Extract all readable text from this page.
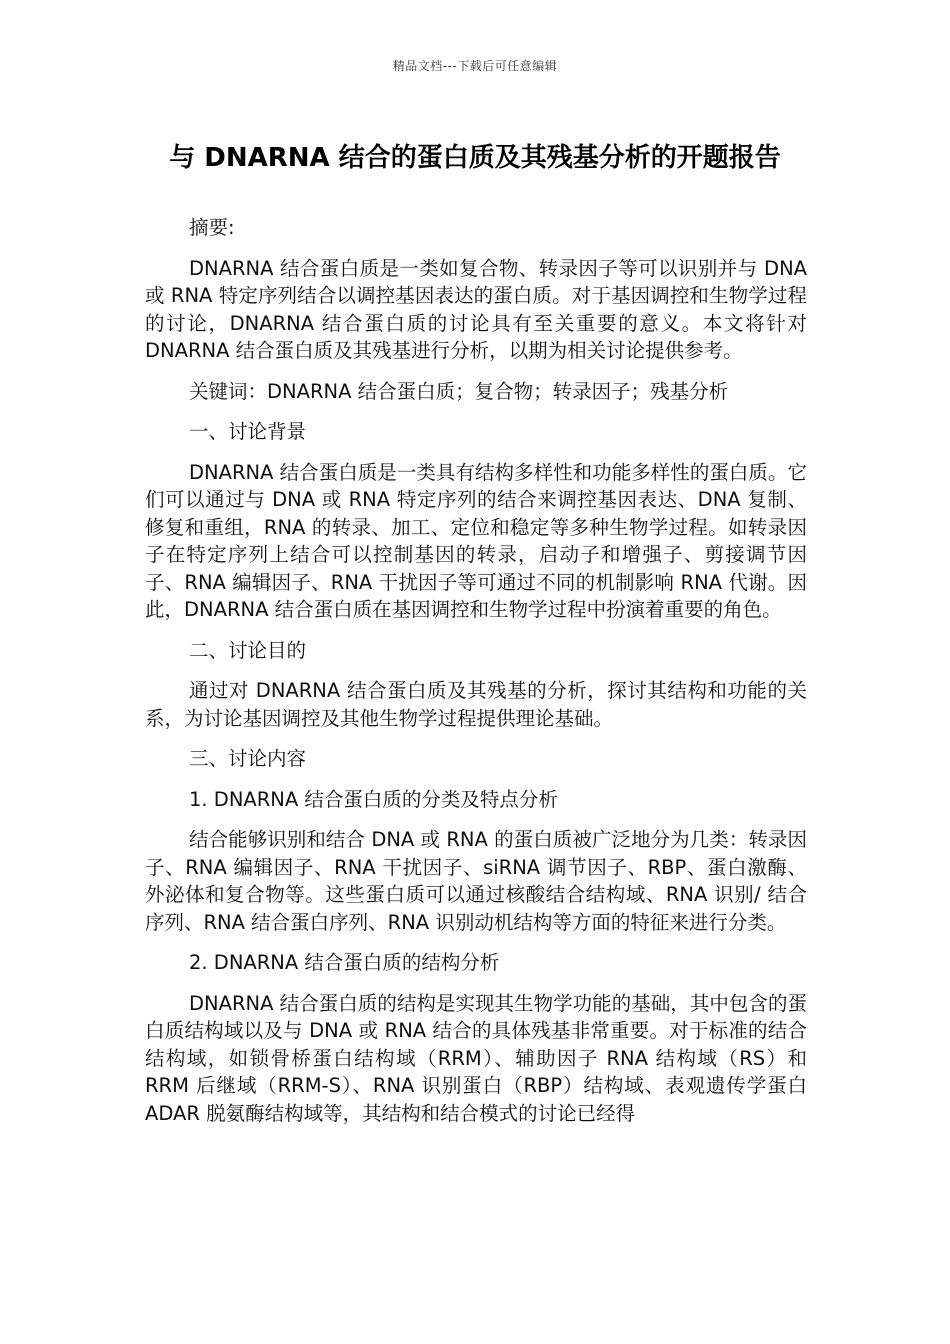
精品文档---下载后可任意编辑
与 DNARNA 结合的蛋白质及其残基分析的开题报告

摘要:

DNARNA 结合蛋白质是一类如复合物、转录因子等可以识别并与 DNA 或 RNA 特定序列结合以调控基因表达的蛋白质。对于基因调控和生物学过程的讨论，DNARNA 结合蛋白质的讨论具有至关重要的意义。本文将针对 DNARNA 结合蛋白质及其残基进行分析，以期为相关讨论提供参考。

关键词：DNARNA 结合蛋白质；复合物；转录因子；残基分析

一、讨论背景

DNARNA 结合蛋白质是一类具有结构多样性和功能多样性的蛋白质。它们可以通过与 DNA 或 RNA 特定序列的结合来调控基因表达、DNA 复制、修复和重组，RNA 的转录、加工、定位和稳定等多种生物学过程。如转录因子在特定序列上结合可以控制基因的转录，启动子和增强子、剪接调节因子、RNA 编辑因子、RNA 干扰因子等可通过不同的机制影响 RNA 代谢。因此，DNARNA 结合蛋白质在基因调控和生物学过程中扮演着重要的角色。

二、讨论目的

通过对 DNARNA 结合蛋白质及其残基的分析，探讨其结构和功能的关系，为讨论基因调控及其他生物学过程提供理论基础。

三、讨论内容

1. DNARNA 结合蛋白质的分类及特点分析

结合能够识别和结合 DNA 或 RNA 的蛋白质被广泛地分为几类：转录因子、RNA 编辑因子、RNA 干扰因子、siRNA 调节因子、RBP、蛋白激酶、外泌体和复合物等。这些蛋白质可以通过核酸结合结构域、RNA 识别/ 结合序列、RNA 结合蛋白序列、RNA 识别动机结构等方面的特征来进行分类。

2. DNARNA 结合蛋白质的结构分析

DNARNA 结合蛋白质的结构是实现其生物学功能的基础，其中包含的蛋白质结构域以及与 DNA 或 RNA 结合的具体残基非常重要。对于标准的结合结构域，如锁骨桥蛋白结构域（RRM）、辅助因子 RNA 结构域（RS）和 RRM 后继域（RRM-S）、RNA 识别蛋白（RBP）结构域、表观遗传学蛋白 ADAR 脱氨酶结构域等，其结构和结合模式的讨论已经得
